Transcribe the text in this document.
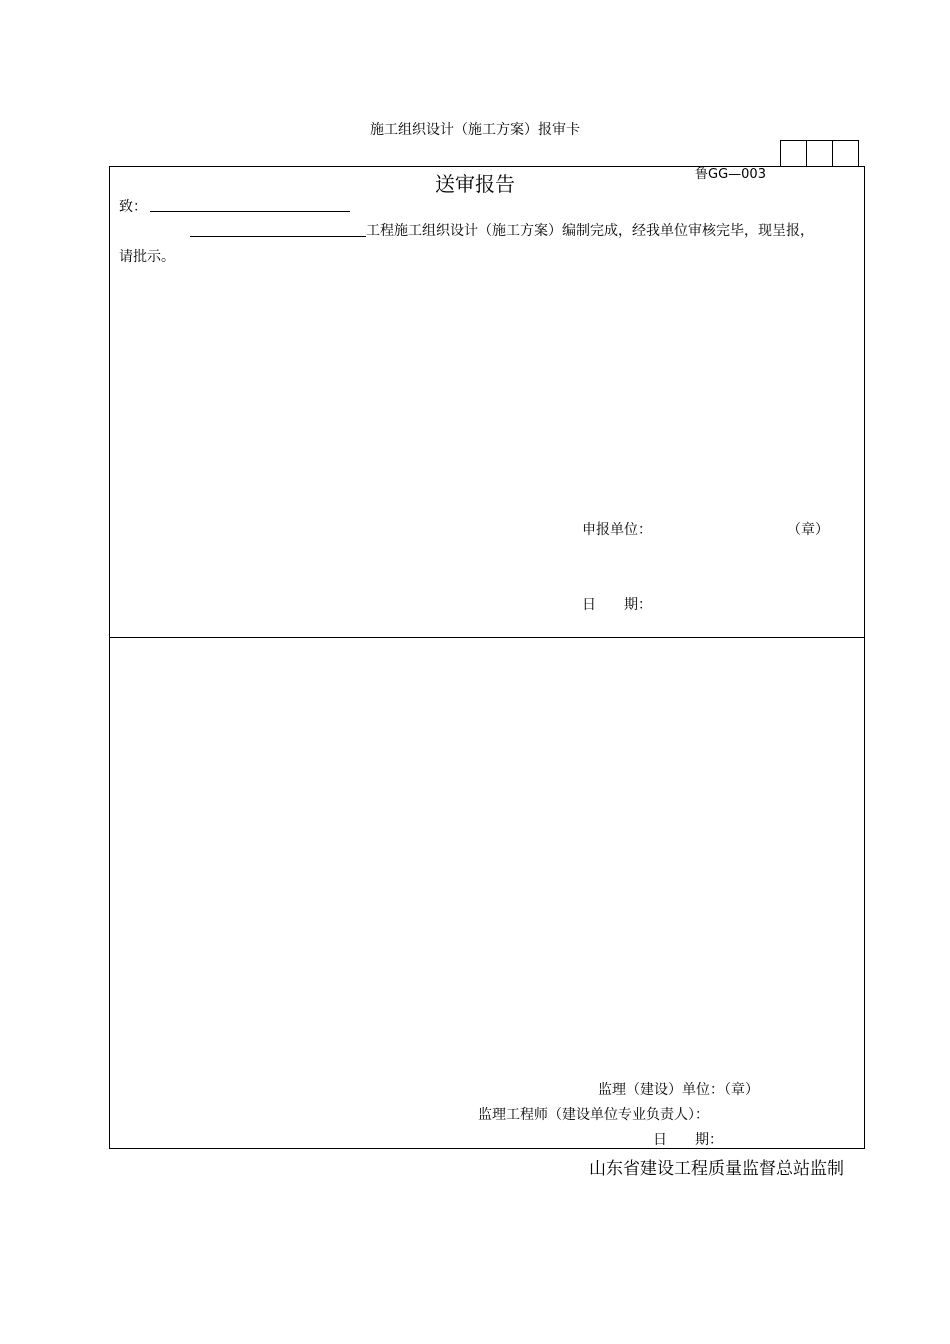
施工组织设计（施工方案）报审卡
鲁GG—003
送审报告
致：
工程施工组织设计（施工方案）编制完成，经我单位审核完毕，现呈报，
请批示。
申报单位：	（章）
日　　期：
监理（建设）单位：（章）
监理工程师（建设单位专业负责人）：
日　　期：
山东省建设工程质量监督总站监制
